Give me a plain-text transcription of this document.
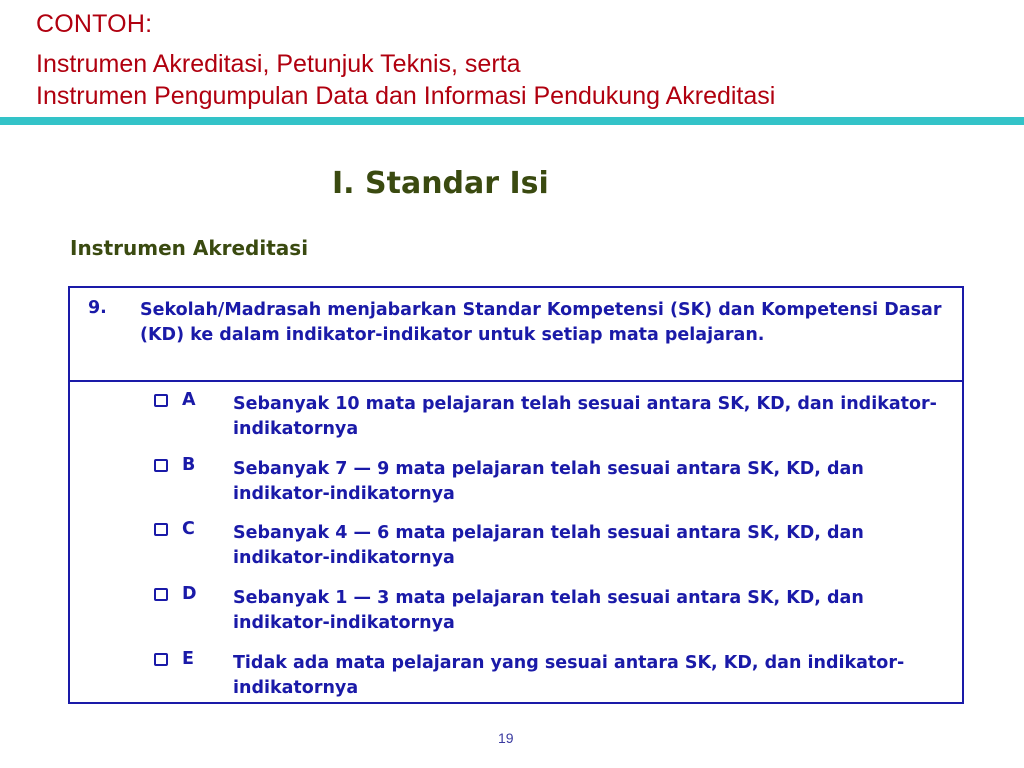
CONTOH:
Instrumen Akreditasi, Petunjuk Teknis, serta
Instrumen Pengumpulan Data dan Informasi Pendukung Akreditasi
I. Standar Isi
Instrumen Akreditasi
9. Sekolah/Madrasah menjabarkan Standar Kompetensi (SK) dan Kompetensi Dasar (KD) ke dalam indikator-indikator untuk setiap mata pelajaran.
A Sebanyak 10 mata pelajaran telah sesuai antara SK, KD, dan indikator-indikatornya
B Sebanyak 7 — 9 mata pelajaran telah sesuai antara SK, KD, dan indikator-indikatornya
C Sebanyak 4 — 6 mata pelajaran telah sesuai antara SK, KD, dan indikator-indikatornya
D Sebanyak 1 — 3 mata pelajaran telah sesuai antara SK, KD, dan indikator-indikatornya
E Tidak ada mata pelajaran yang sesuai antara SK, KD, dan indikator-indikatornya
19
